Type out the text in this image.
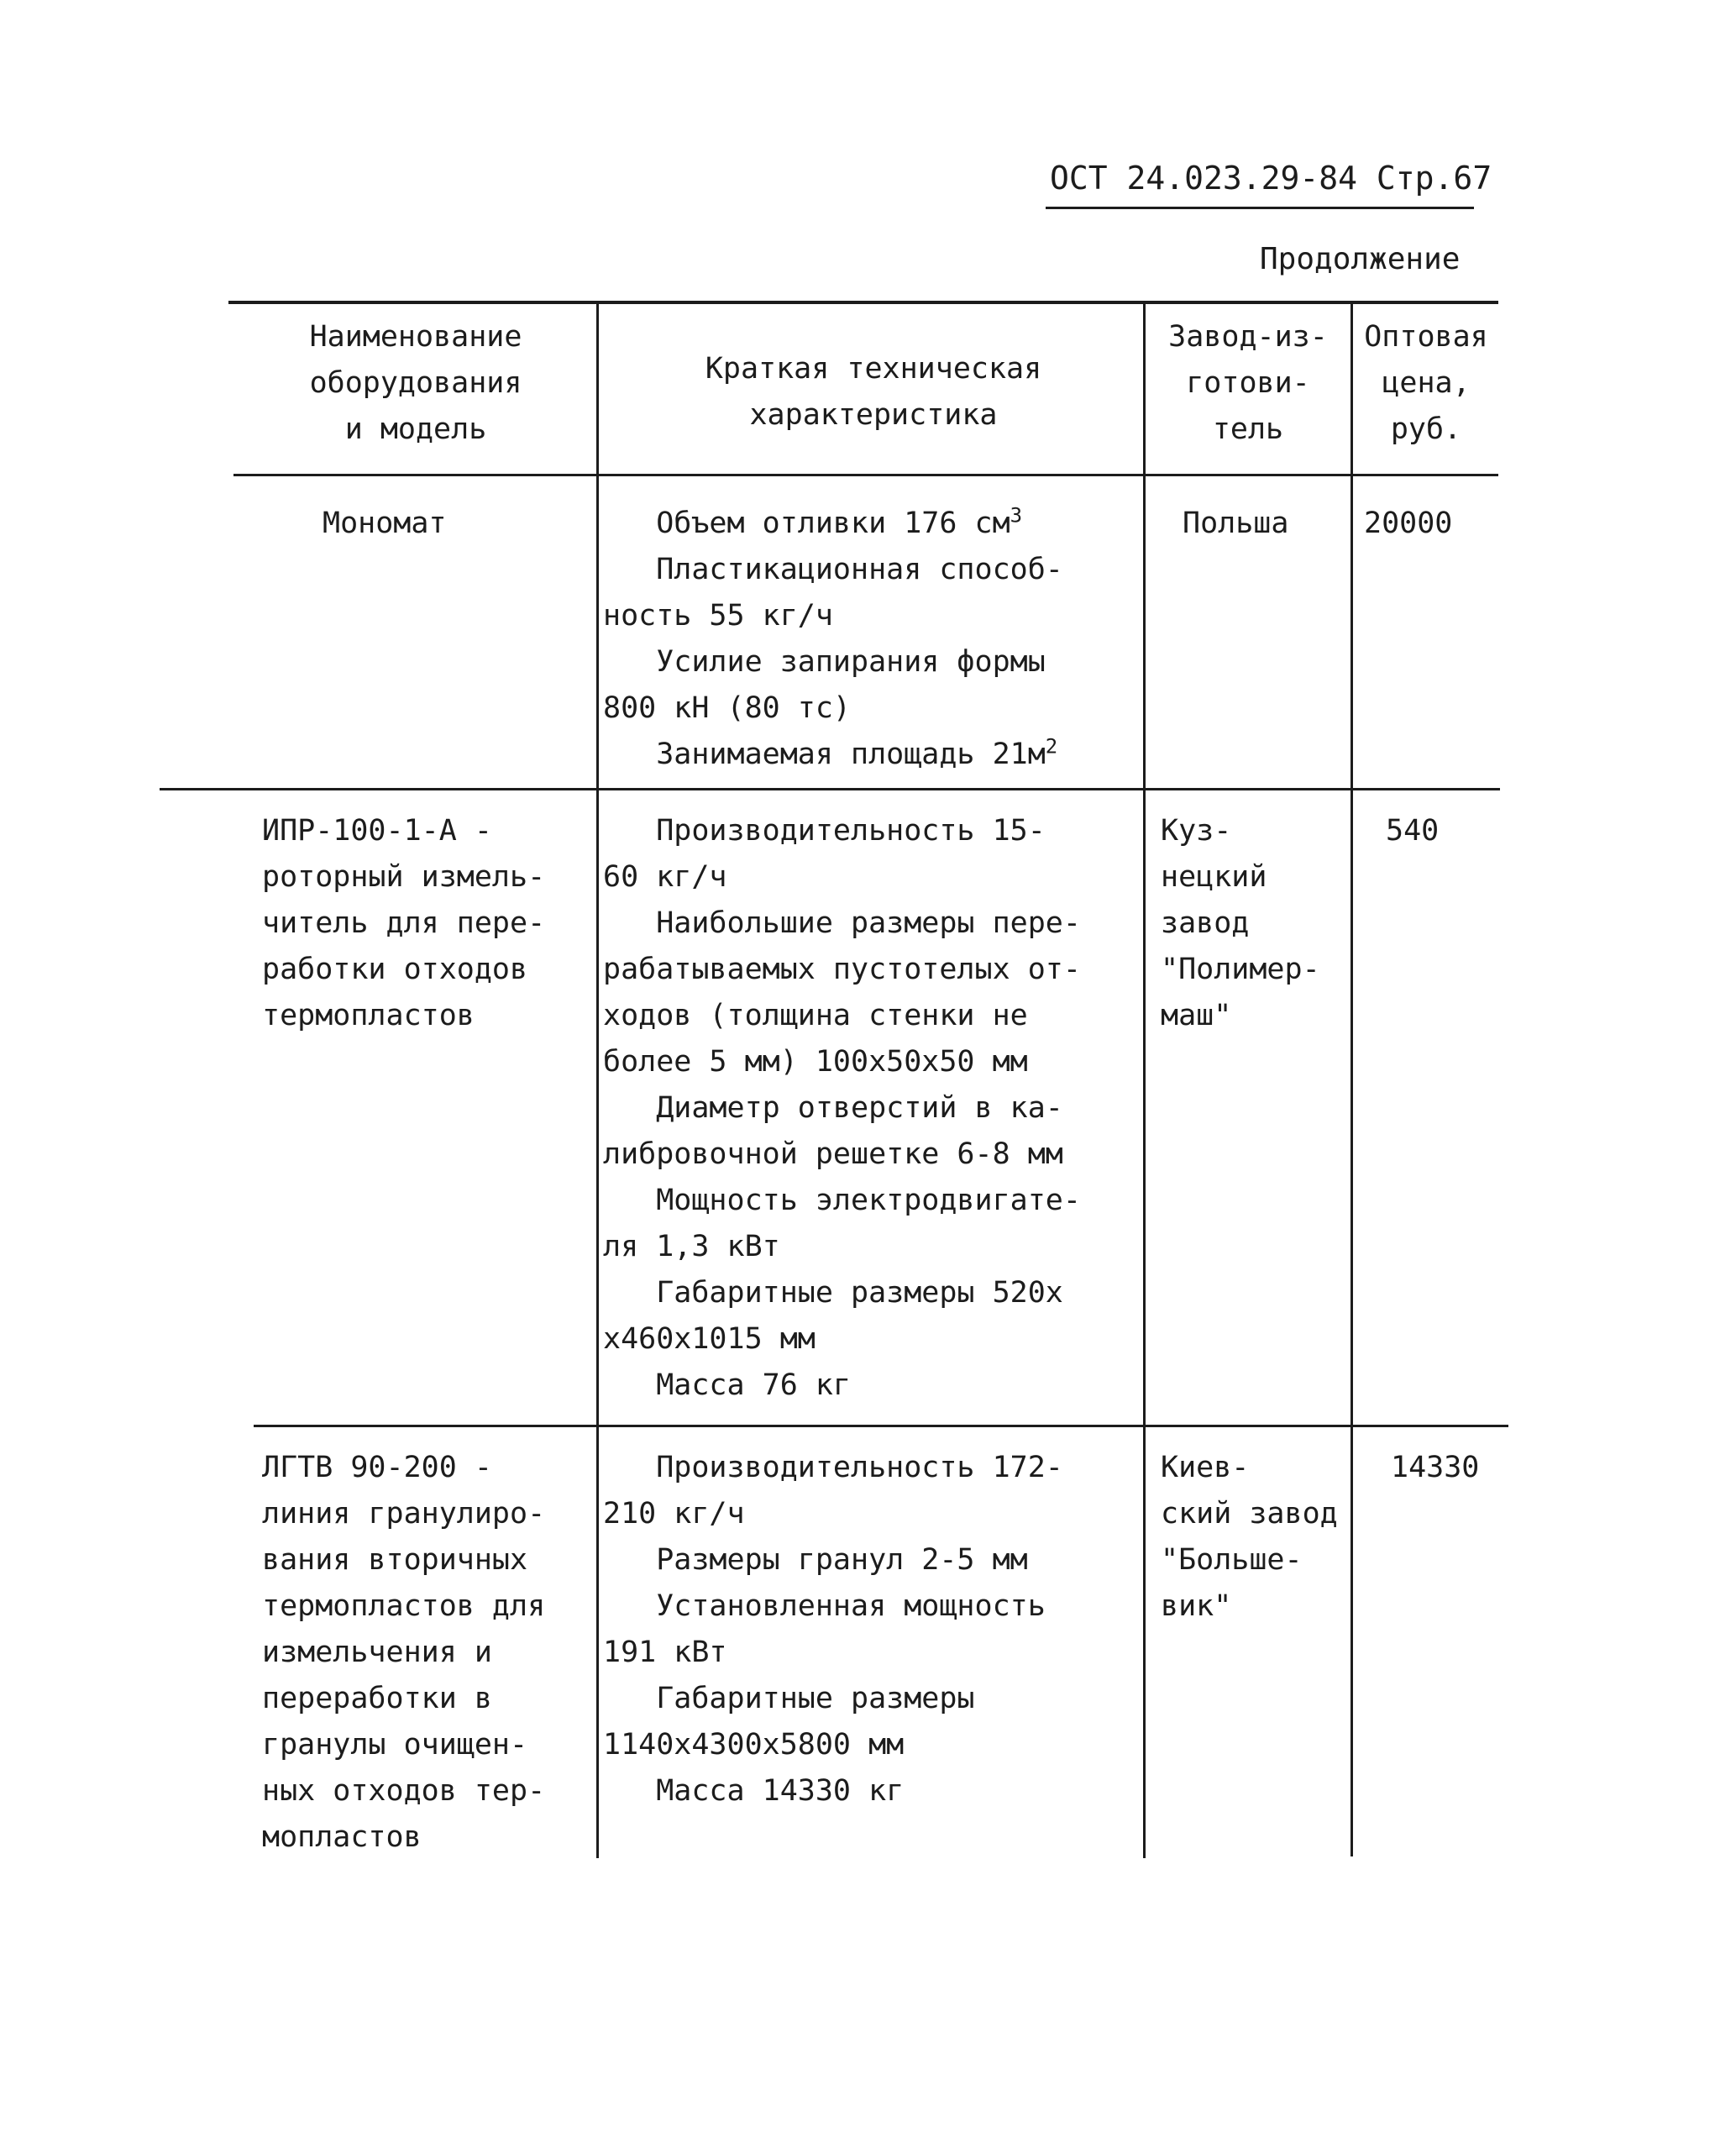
ОСТ 24.023.29-84 Стр.67
Продолжение
Наименование
оборудования
и модель
Краткая техническая
характеристика
Завод-из-
готови-
тель
Оптовая
цена,
руб.
Мономат	Объем отливки 176 $см^3$
Пластикационная способ-
ность 55 кг/ч
Усилие запирания формы
800 кН (80 тс)
Занимаемая площадь $21м^2$
Польша	20000
ИПР-100-1-А -
роторный измель-
читель для пере-
работки отходов
термопластов
Производительность 15-
60 кг/ч
Наибольшие размеры пере-
рабатываемых пустотелых от-
ходов (толщина стенки не
более 5 мм) 100х50х50 мм
Диаметр отверстий в ка-
либровочной решетке 6-8 мм
Мощность электродвигате-
ля 1,3 кВт
Габаритные размеры 520х
х460х1015 мм
Масса 76 кг
Куз-
нецкий
завод
"Полимер-
маш"
540
ЛГТВ 90-200 -
линия гранулиро-
вания вторичных
термопластов для
измельчения и
переработки в
гранулы очищен-
ных отходов тер-
мопластов
Производительность 172-
210 кг/ч
Размеры гранул 2-5 мм
Установленная мощность
191 кВт
Габаритные размеры
1140х4300х5800 мм
Масса 14330 кг
Киев-
ский завод
"Больше-
вик"
14330
